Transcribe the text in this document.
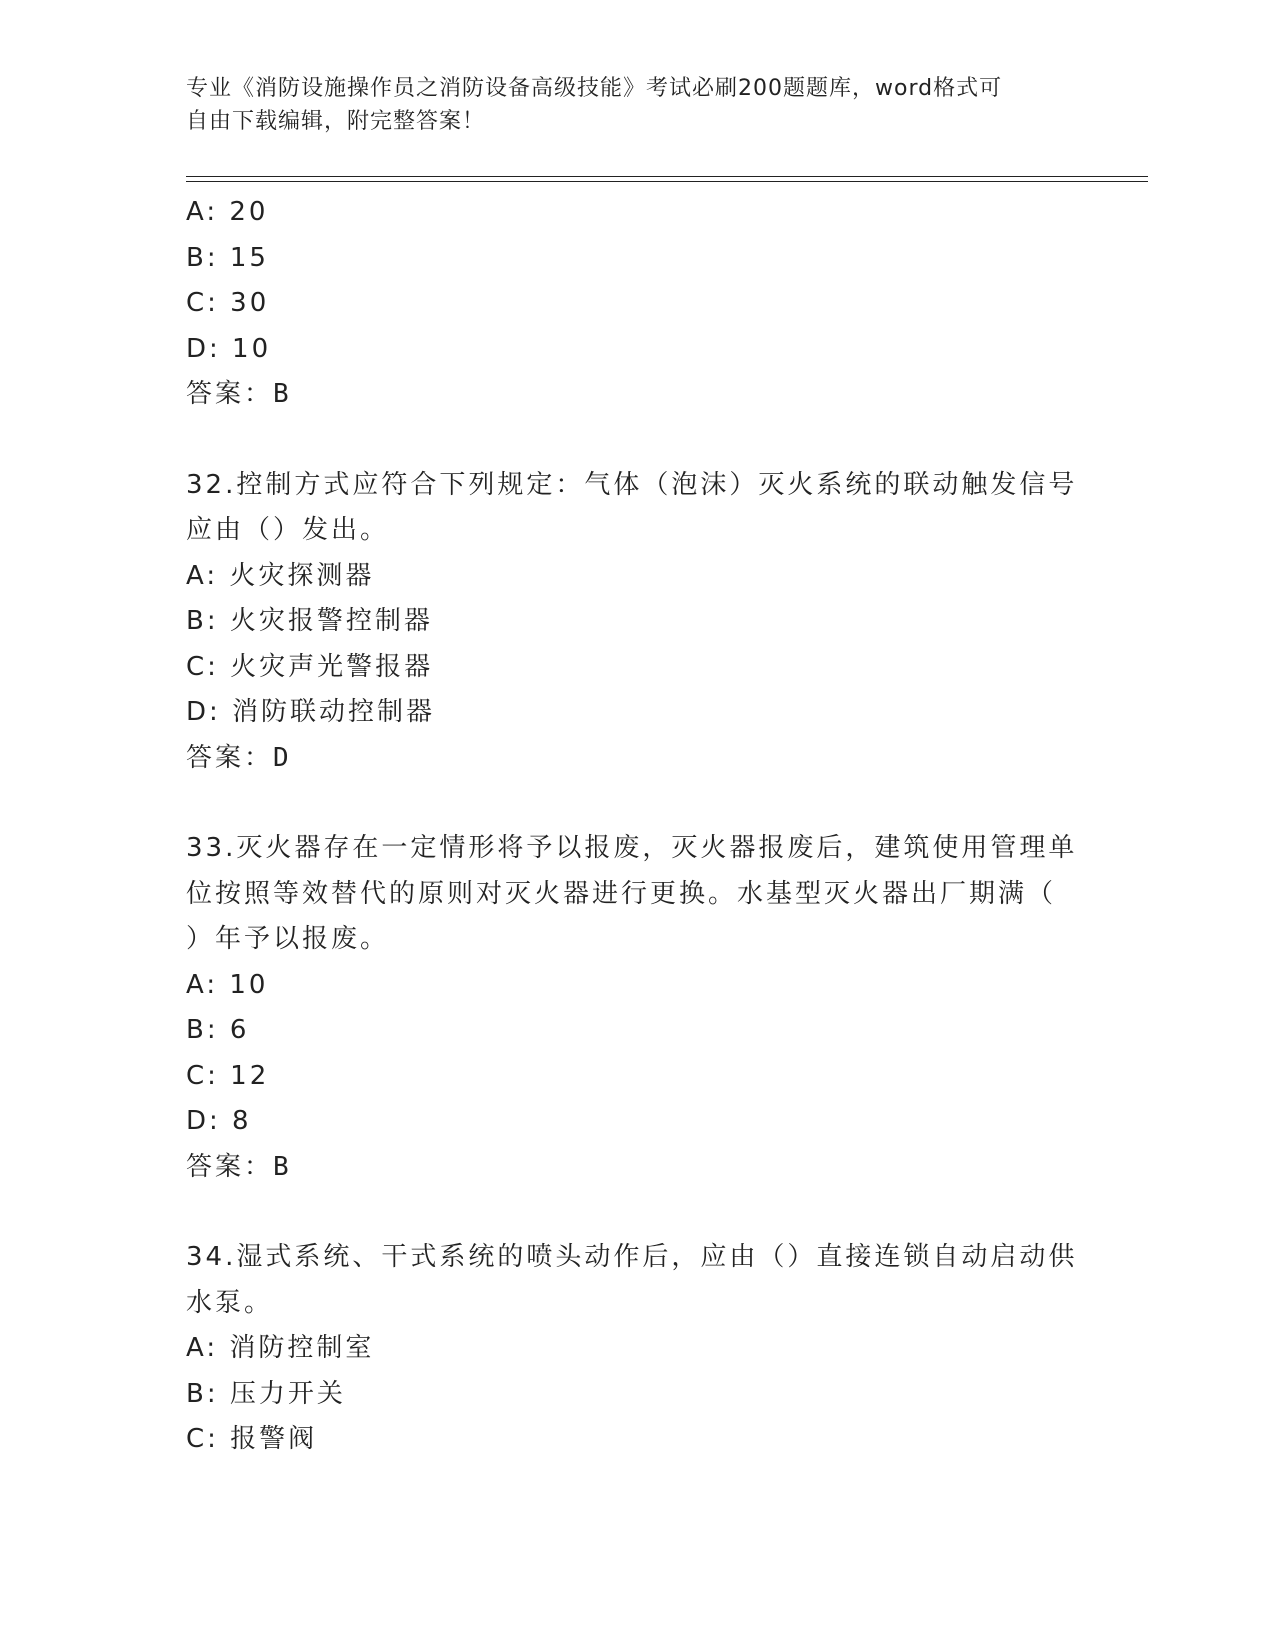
专业《消防设施操作员之消防设备高级技能》考试必刷200题题库，word格式可
自由下载编辑，附完整答案！
A: 20
B: 15
C: 30
D: 10
答案：B
32.控制方式应符合下列规定：气体（泡沫）灭火系统的联动触发信号
应由（）发出。
A: 火灾探测器
B: 火灾报警控制器
C: 火灾声光警报器
D: 消防联动控制器
答案：D
33.灭火器存在一定情形将予以报废，灭火器报废后，建筑使用管理单
位按照等效替代的原则对灭火器进行更换。水基型灭火器出厂期满（
）年予以报废。
A: 10
B: 6
C: 12
D: 8
答案：B
34.湿式系统、干式系统的喷头动作后，应由（）直接连锁自动启动供
水泵。
A: 消防控制室
B: 压力开关
C: 报警阀
